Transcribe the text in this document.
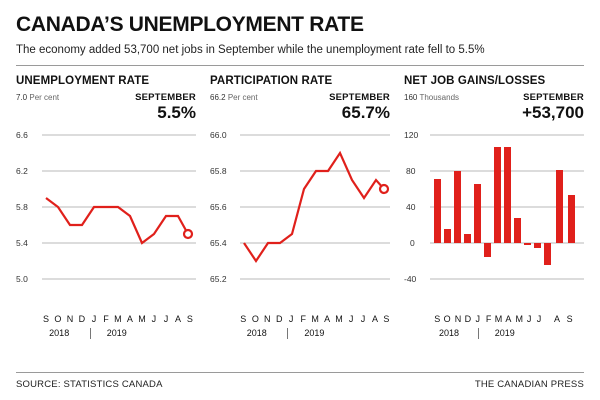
CANADA’S UNEMPLOYMENT RATE
The economy added 53,700 net jobs in September while the unemployment rate fell to 5.5%
UNEMPLOYMENT RATE
7.0 Per cent	SEPTEMBER
5.5%
6.6
6.2
5.8
5.4
5.0
S O N D J F M A M J J A S
2018	2019
PARTICIPATION RATE
66.2 Per cent	SEPTEMBER
65.7%
66.0
65.8
65.6
65.4
65.2
S O N D J F M A M J J A S
2018	2019
NET JOB GAINS/LOSSES
160 Thousands	SEPTEMBER
+53,700
120
80
40
0
-40
S O N D J F M A M J J A S
2018	2019
SOURCE: STATISTICS CANADA	THE CANADIAN PRESS
